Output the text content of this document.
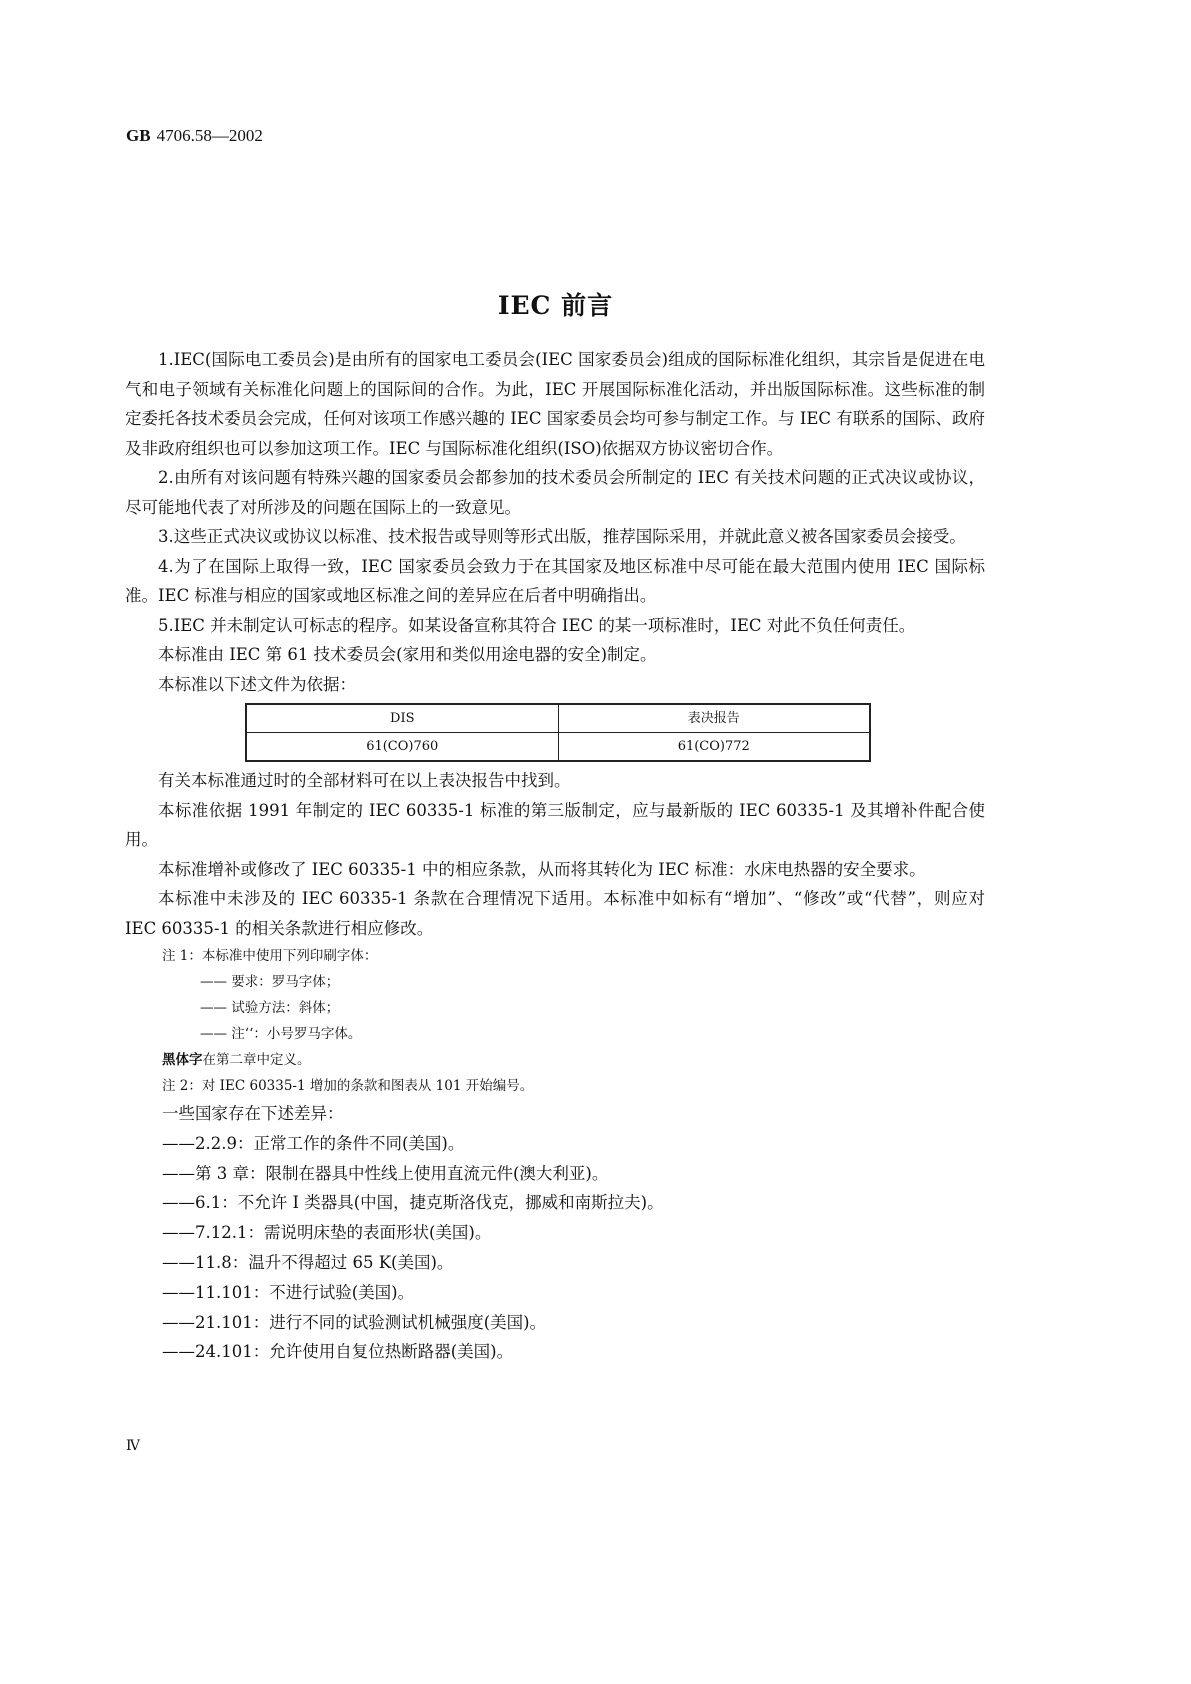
GB 4706.58—2002
IEC 前言

1.IEC(国际电工委员会)是由所有的国家电工委员会(IEC 国家委员会)组成的国际标准化组织，其宗旨是促进在电气和电子领域有关标准化问题上的国际间的合作。为此，IEC 开展国际标准化活动，并出版国际标准。这些标准的制定委托各技术委员会完成，任何对该项工作感兴趣的 IEC 国家委员会均可参与制定工作。与 IEC 有联系的国际、政府及非政府组织也可以参加这项工作。IEC 与国际标准化组织(ISO)依据双方协议密切合作。

2.由所有对该问题有特殊兴趣的国家委员会都参加的技术委员会所制定的 IEC 有关技术问题的正式决议或协议，尽可能地代表了对所涉及的问题在国际上的一致意见。

3.这些正式决议或协议以标准、技术报告或导则等形式出版，推荐国际采用，并就此意义被各国家委员会接受。

4.为了在国际上取得一致，IEC 国家委员会致力于在其国家及地区标准中尽可能在最大范围内使用 IEC 国际标准。IEC 标准与相应的国家或地区标准之间的差异应在后者中明确指出。

5.IEC 并未制定认可标志的程序。如某设备宣称其符合 IEC 的某一项标准时，IEC 对此不负任何责任。

本标准由 IEC 第 61 技术委员会(家用和类似用途电器的安全)制定。

本标准以下述文件为依据：

DIS	表决报告
61(CO)760	61(CO)772

有关本标准通过时的全部材料可在以上表决报告中找到。

本标准依据 1991 年制定的 IEC 60335-1 标准的第三版制定，应与最新版的 IEC 60335-1 及其增补件配合使用。

本标准增补或修改了 IEC 60335-1 中的相应条款，从而将其转化为 IEC 标准：水床电热器的安全要求。

本标准中未涉及的 IEC 60335-1 条款在合理情况下适用。本标准中如标有“增加”、“修改”或“代替”，则应对 IEC 60335-1 的相关条款进行相应修改。

注 1：本标准中使用下列印刷字体：

—— 要求：罗马字体；

—— 试验方法：斜体；

—— 注‘‘：小号罗马字体。

黑体字在第二章中定义。

注 2：对 IEC 60335-1 增加的条款和图表从 101 开始编号。

一些国家存在下述差异：

——2.2.9：正常工作的条件不同(美国)。

——第 3 章：限制在器具中性线上使用直流元件(澳大利亚)。

——6.1：不允许 Ⅰ 类器具(中国，捷克斯洛伐克，挪威和南斯拉夫)。

——7.12.1：需说明床垫的表面形状(美国)。

——11.8：温升不得超过 65 K(美国)。

——11.101：不进行试验(美国)。

——21.101：进行不同的试验测试机械强度(美国)。

——24.101：允许使用自复位热断路器(美国)。

Ⅳ
